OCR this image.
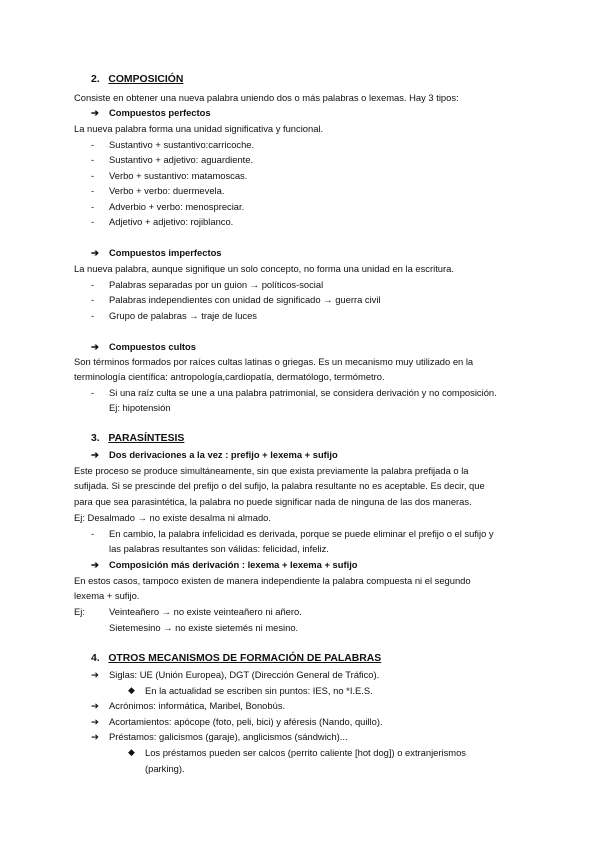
2. COMPOSICIÓN
Consiste en obtener una nueva palabra uniendo dos o más palabras o lexemas. Hay 3 tipos:
➔ Compuestos perfectos
La nueva palabra forma una unidad significativa y funcional.
- Sustantivo + sustantivo:carricoche.
- Sustantivo + adjetivo: aguardiente.
- Verbo + sustantivo: matamoscas.
- Verbo + verbo: duermevela.
- Adverbio + verbo: menospreciar.
- Adjetivo + adjetivo: rojiblanco.
➔ Compuestos imperfectos
La nueva palabra, aunque signifique un solo concepto, no forma una unidad en la escritura.
- Palabras separadas por un guion → políticos-social
- Palabras independientes con unidad de significado → guerra civil
- Grupo de palabras → traje de luces
➔ Compuestos cultos
Son términos formados por raíces cultas latinas o griegas. Es un mecanismo muy utilizado en la
terminología científica: antropología,cardiopatía, dermatólogo, termómetro.
- Si una raíz culta se une a una palabra patrimonial, se considera derivación y no composición.
Ej: hipotensión
3. PARASÍNTESIS
➔ Dos derivaciones a la vez : prefijo + lexema + sufijo
Este proceso se produce simultáneamente, sin que exista previamente la palabra prefijada o la
sufijada. Si se prescinde del prefijo o del sufijo, la palabra resultante no es aceptable. Es decir, que
para que sea parasintética, la palabra no puede significar nada de ninguna de las dos maneras.
Ej: Desalmado → no existe desalma ni almado.
- En cambio, la palabra infelicidad es derivada, porque se puede eliminar el prefijo o el sufijo y
las palabras resultantes son válidas: felicidad, infeliz.
➔ Composición más derivación : lexema + lexema + sufijo
En estos casos, tampoco existen de manera independiente la palabra compuesta ni el segundo
lexema + sufijo.
Ej:	Veinteañero → no existe veinteañero ni añero.
Sietemesino → no existe sietemés ni mesino.
4. OTROS MECANISMOS DE FORMACIÓN DE PALABRAS
➔ Siglas: UE (Unión Europea), DGT (Dirección General de Tráfico).
◆ En la actualidad se escriben sin puntos: IES, no *I.E.S.
➔ Acrónimos: informática, Maribel, Bonobús.
➔ Acortamientos: apócope (foto, peli, bici) y aféresis (Nando, quillo).
➔ Préstamos: galicismos (garaje), anglicismos (sándwich)...
◆ Los préstamos pueden ser calcos (perrito caliente [hot dog]) o extranjerismos
(parking).
